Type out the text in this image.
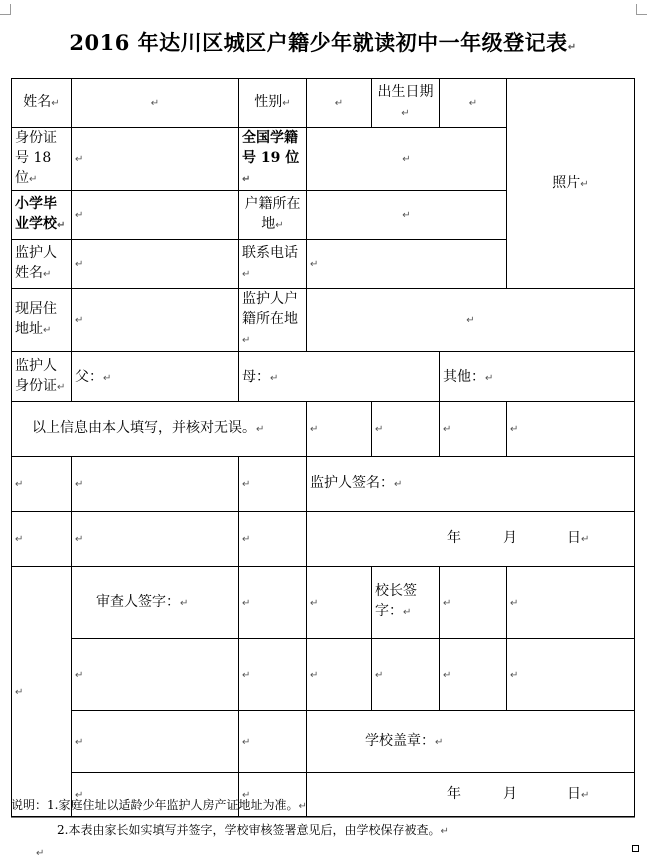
2016 年达川区城区户籍少年就读初中一年级登记表↵
姓名↵	↵	性别↵	↵	出生日期↵	↵	照片↵
身份证号 18 位↵	↵	全国学籍号 19 位↵	↵			
小学毕业学校↵	↵	户籍所在地↵	↵			
监护人姓名↵	↵	联系电话↵	↵			
现居住地址↵	↵	监护人户籍所在地↵	↵			
监护人身份证↵	父：↵	母：↵			其他：↵	
以上信息由本人填写，并核对无误。↵			↵	↵	↵	↵
↵	↵	↵	监护人签名：↵			
↵	↵	↵	年 月 日↵			
↵	审查人签字：↵	↵	↵	校长签字：↵	↵	↵
	↵	↵	↵	↵	↵	↵
	↵	↵	学校盖章：↵			
	↵	↵	年 月 日↵			
说明：1.家庭住址以适龄少年监护人房产证地址为准。↵
2.本表由家长如实填写并签字，学校审核签署意见后，由学校保存被查。↵
↵
